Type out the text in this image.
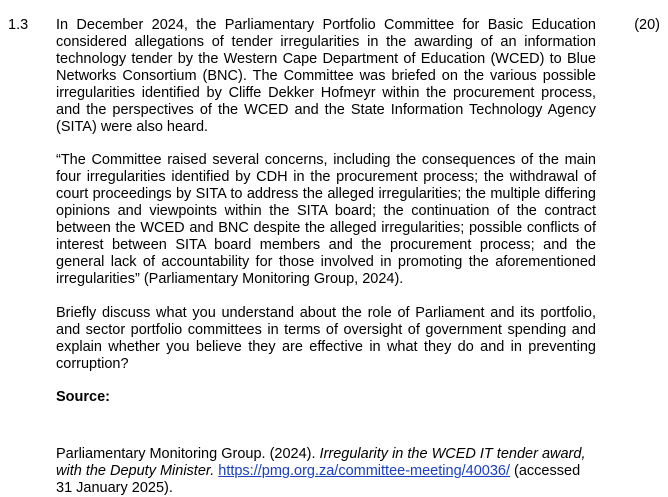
1.3	(20)

In December 2024, the Parliamentary Portfolio Committee for Basic Education considered allegations of tender irregularities in the awarding of an information technology tender by the Western Cape Department of Education (WCED) to Blue Networks Consortium (BNC). The Committee was briefed on the various possible irregularities identified by Cliffe Dekker Hofmeyr within the procurement process, and the perspectives of the WCED and the State Information Technology Agency (SITA) were also heard.

“The Committee raised several concerns, including the consequences of the main four irregularities identified by CDH in the procurement process; the withdrawal of court proceedings by SITA to address the alleged irregularities; the multiple differing opinions and viewpoints within the SITA board; the continuation of the contract between the WCED and BNC despite the alleged irregularities; possible conflicts of interest between SITA board members and the procurement process; and the general lack of accountability for those involved in promoting the aforementioned irregularities” (Parliamentary Monitoring Group, 2024).

Briefly discuss what you understand about the role of Parliament and its portfolio, and sector portfolio committees in terms of oversight of government spending and explain whether you believe they are effective in what they do and in preventing corruption?

Source:

Parliamentary Monitoring Group. (2024). Irregularity in the WCED IT tender award, with the Deputy Minister. https://pmg.org.za/committee-meeting/40036/ (accessed 31 January 2025).
